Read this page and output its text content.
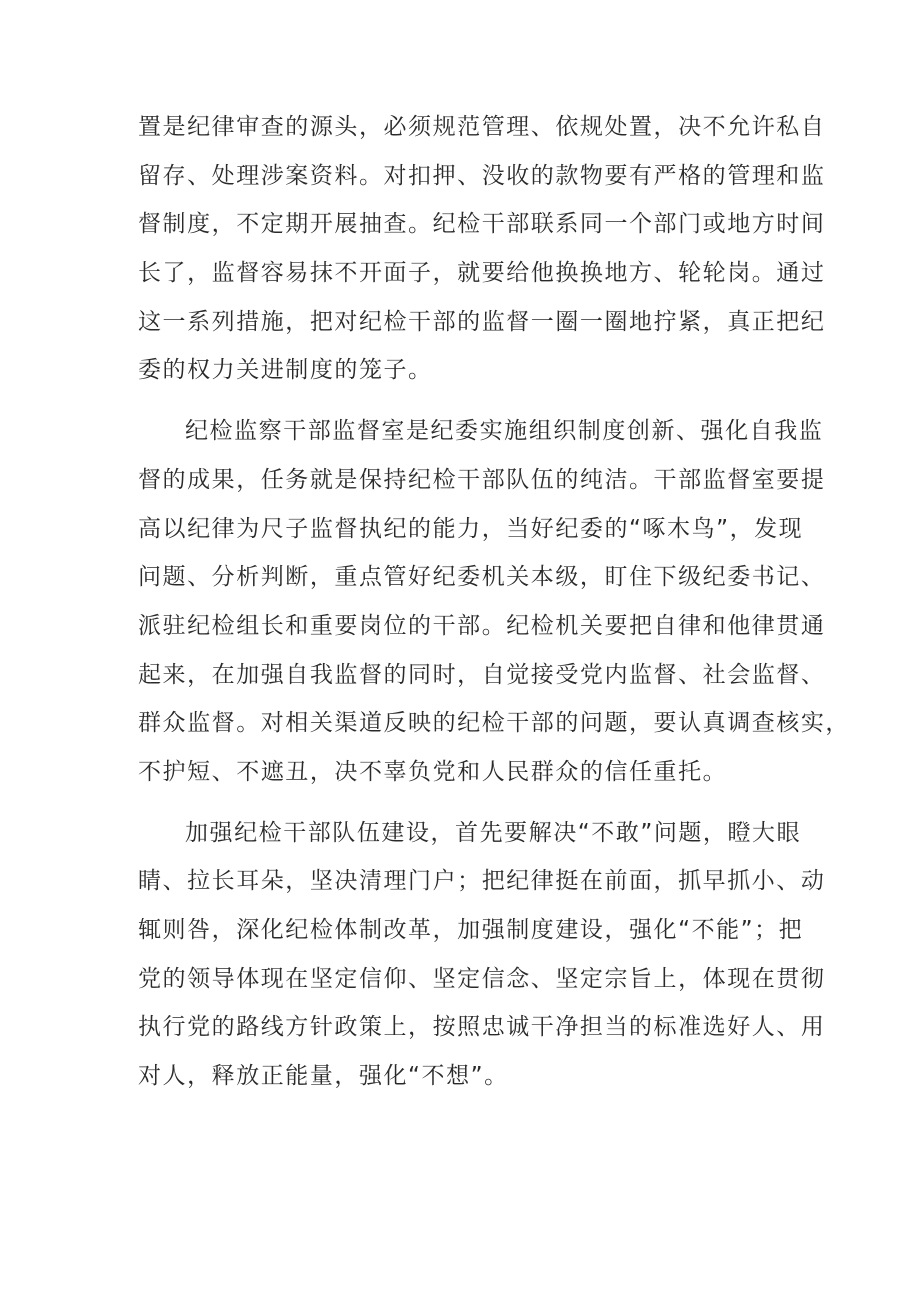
置是纪律审查的源头，必须规范管理、依规处置，决不允许私自
留存、处理涉案资料。对扣押、没收的款物要有严格的管理和监
督制度，不定期开展抽查。纪检干部联系同一个部门或地方时间
长了，监督容易抹不开面子，就要给他换换地方、轮轮岗。通过
这一系列措施，把对纪检干部的监督一圈一圈地拧紧，真正把纪
委的权力关进制度的笼子。
纪检监察干部监督室是纪委实施组织制度创新、强化自我监
督的成果，任务就是保持纪检干部队伍的纯洁。干部监督室要提
高以纪律为尺子监督执纪的能力，当好纪委的“啄木鸟”，发现
问题、分析判断，重点管好纪委机关本级，盯住下级纪委书记、
派驻纪检组长和重要岗位的干部。纪检机关要把自律和他律贯通
起来，在加强自我监督的同时，自觉接受党内监督、社会监督、
群众监督。对相关渠道反映的纪检干部的问题，要认真调查核实，
不护短、不遮丑，决不辜负党和人民群众的信任重托。
加强纪检干部队伍建设，首先要解决“不敢”问题，瞪大眼
睛、拉长耳朵，坚决清理门户；把纪律挺在前面，抓早抓小、动
辄则咎，深化纪检体制改革，加强制度建设，强化“不能”；把
党的领导体现在坚定信仰、坚定信念、坚定宗旨上，体现在贯彻
执行党的路线方针政策上，按照忠诚干净担当的标准选好人、用
对人，释放正能量，强化“不想”。
